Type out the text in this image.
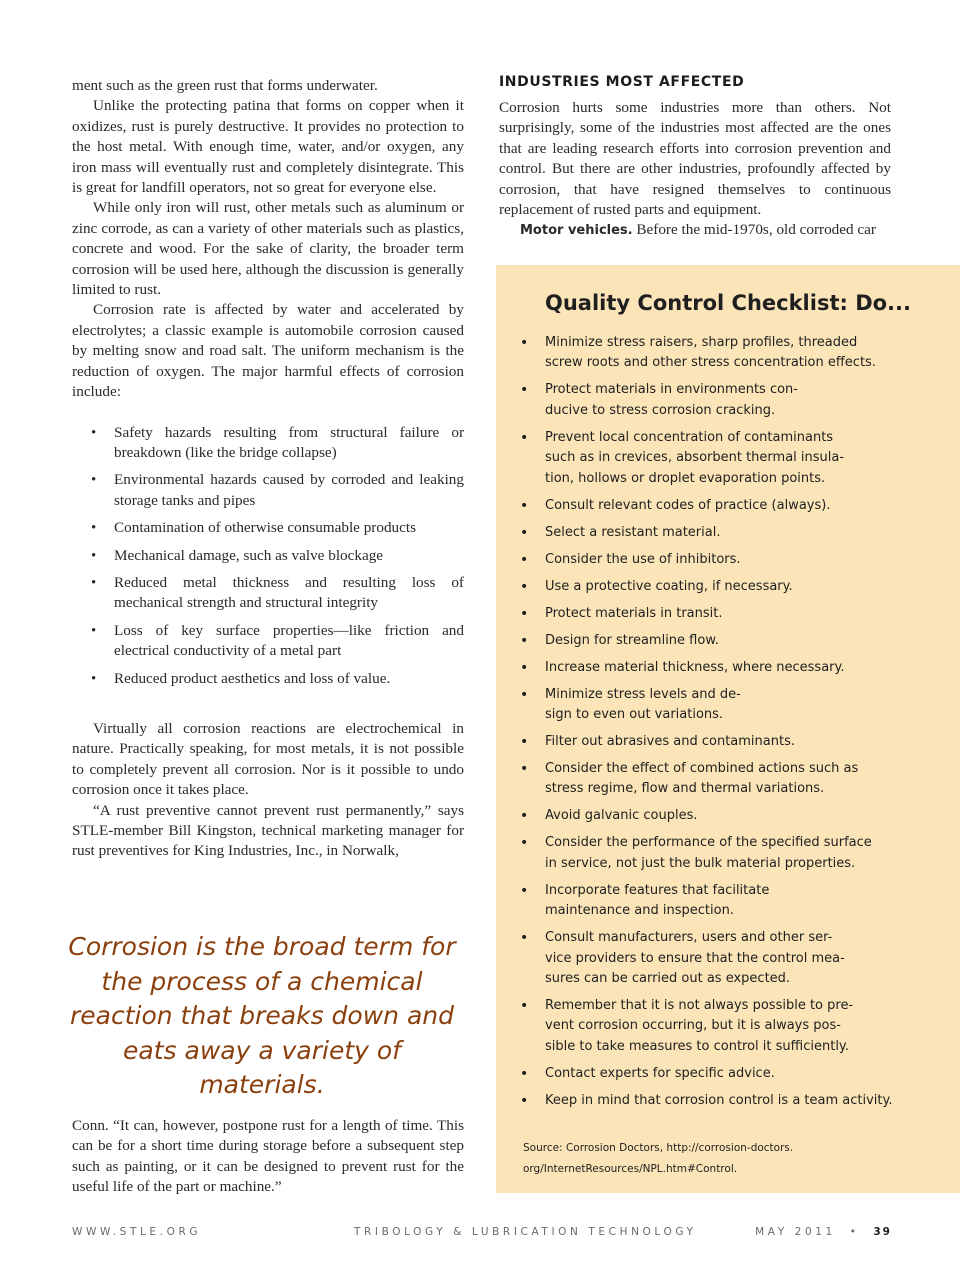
ment such as the green rust that forms underwater.

Unlike the protecting patina that forms on copper when it oxidizes, rust is purely destructive. It provides no protection to the host metal. With enough time, water, and/or oxygen, any iron mass will eventually rust and completely disintegrate. This is great for landfill operators, not so great for everyone else.

While only iron will rust, other metals such as aluminum or zinc corrode, as can a variety of other materials such as plastics, concrete and wood. For the sake of clarity, the broader term corrosion will be used here, although the discussion is generally limited to rust.

Corrosion rate is affected by water and accelerated by electrolytes; a classic example is automobile corrosion caused by melting snow and road salt. The uniform mechanism is the reduction of oxygen. The major harmful effects of corrosion include:

• Safety hazards resulting from structural failure or breakdown (like the bridge collapse)
• Environmental hazards caused by corroded and leaking storage tanks and pipes
• Contamination of otherwise consumable products
• Mechanical damage, such as valve blockage
• Reduced metal thickness and resulting loss of mechanical strength and structural integrity
• Loss of key surface properties—like friction and electrical conductivity of a metal part
• Reduced product aesthetics and loss of value.

Virtually all corrosion reactions are electrochemical in nature. Practically speaking, for most metals, it is not possible to completely prevent all corrosion. Nor is it possible to undo corrosion once it takes place.

“A rust preventive cannot prevent rust permanently,” says STLE-member Bill Kingston, technical marketing manager for rust preventives for King Industries, Inc., in Norwalk,

Corrosion is the broad term for the process of a chemical reaction that breaks down and eats away a variety of materials.

Conn. “It can, however, postpone rust for a length of time. This can be for a short time during storage before a subsequent step such as painting, or it can be designed to prevent rust for the useful life of the part or machine.”

INDUSTRIES MOST AFFECTED

Corrosion hurts some industries more than others. Not surprisingly, some of the industries most affected are the ones that are leading research efforts into corrosion prevention and control. But there are other industries, profoundly affected by corrosion, that have resigned themselves to continuous replacement of rusted parts and equipment.

Motor vehicles. Before the mid-1970s, old corroded car

Quality Control Checklist: Do...
• Minimize stress raisers, sharp profiles, threaded
screw roots and other stress concentration effects.
• Protect materials in environments con-
ducive to stress corrosion cracking.
• Prevent local concentration of contaminants
such as in crevices, absorbent thermal insula-
tion, hollows or droplet evaporation points.
• Consult relevant codes of practice (always).
• Select a resistant material.
• Consider the use of inhibitors.
• Use a protective coating, if necessary.
• Protect materials in transit.
• Design for streamline flow.
• Increase material thickness, where necessary.
• Minimize stress levels and de-
sign to even out variations.
• Filter out abrasives and contaminants.
• Consider the effect of combined actions such as
stress regime, flow and thermal variations.
• Avoid galvanic couples.
• Consider the performance of the specified surface
in service, not just the bulk material properties.
• Incorporate features that facilitate
maintenance and inspection.
• Consult manufacturers, users and other ser-
vice providers to ensure that the control mea-
sures can be carried out as expected.
• Remember that it is not always possible to pre-
vent corrosion occurring, but it is always pos-
sible to take measures to control it sufficiently.
• Contact experts for specific advice.
• Keep in mind that corrosion control is a team activity.
Source: Corrosion Doctors, http://corrosion-doctors.
org/InternetResources/NPL.htm#Control.
WWW.STLE.ORG	TRIBOLOGY & LUBRICATION TECHNOLOGY	MAY 2011 • 39
